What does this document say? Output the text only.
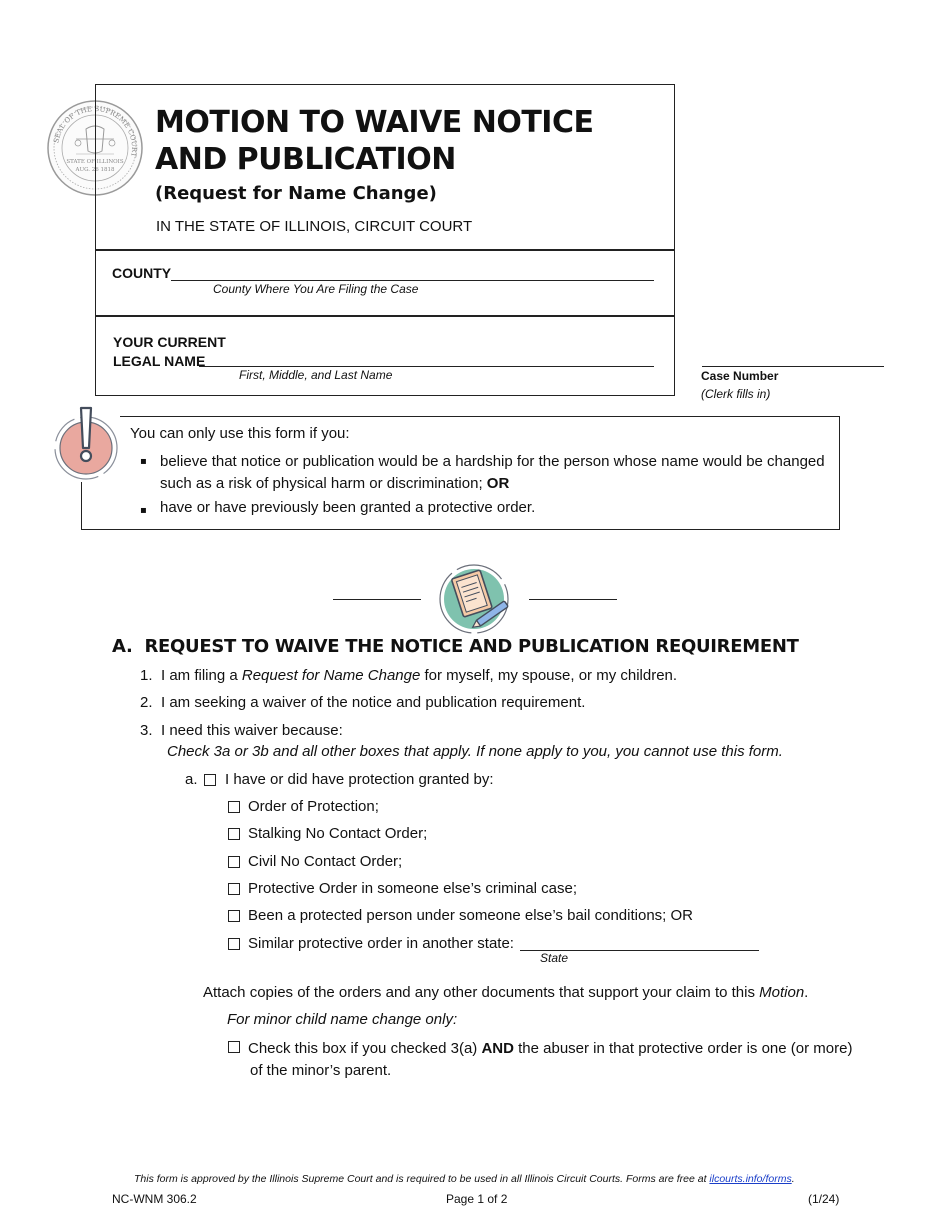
SEAL OF THE SUPREME COURT
STATE OF ILLINOIS
AUG. 26 1818
MOTION TO WAIVE NOTICE
AND PUBLICATION
(Request for Name Change)
IN THE STATE OF ILLINOIS, CIRCUIT COURT
COUNTY
County Where You Are Filing the Case
YOUR CURRENT
LEGAL NAME
First, Middle, and Last Name	Case Number
(Clerk fills in)
You can only use this form if you:
▪ believe that notice or publication would be a hardship for the person whose name would be changed
such as a risk of physical harm or discrimination; OR
▪ have or have previously been granted a protective order.
A. REQUEST TO WAIVE THE NOTICE AND PUBLICATION REQUIREMENT
1. I am filing a Request for Name Change for myself, my spouse, or my children.
2. I am seeking a waiver of the notice and publication requirement.
3. I need this waiver because:
Check 3a or 3b and all other boxes that apply. If none apply to you, you cannot use this form.
a. I have or did have protection granted by:
Order of Protection;
Stalking No Contact Order;
Civil No Contact Order;
Protective Order in someone else’s criminal case;
Been a protected person under someone else’s bail conditions; OR
Similar protective order in another state:
State
Attach copies of the orders and any other documents that support your claim to this Motion.
For minor child name change only:
Check this box if you checked 3(a) AND the abuser in that protective order is one (or more)
of the minor’s parent.
This form is approved by the Illinois Supreme Court and is required to be used in all Illinois Circuit Courts. Forms are free at ilcourts.info/forms.
NC-WNM 306.2	Page 1 of 2	(1/24)
